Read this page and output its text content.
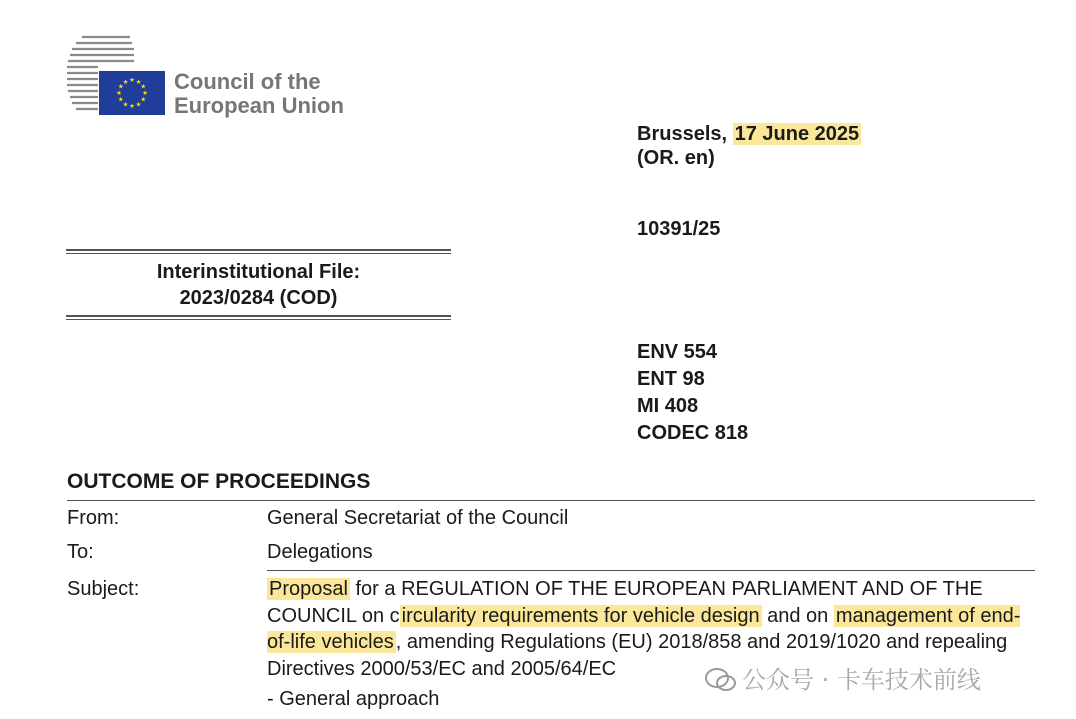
★ ★
★
★
★
★
★
★
★
★
★
★ Council of the
European Union
Brussels, 17 June 2025
(OR. en)
10391/25
Interinstitutional File:
2023/0284 (COD)
ENV 554
ENT 98
MI 408
CODEC 818
OUTCOME OF PROCEEDINGS
From:	General Secretariat of the Council
To:	Delegations
Subject:	Proposal for a REGULATION OF THE EUROPEAN PARLIAMENT AND OF THE COUNCIL on c ircularity requirements for vehicle design and on management of end-of-life vehicles , amending Regulations (EU) 2018/858 and 2019/1020 and repealing Directives 2000/53/EC and 2005/64/EC
- General approach
公众号 · 卡车技术前线
